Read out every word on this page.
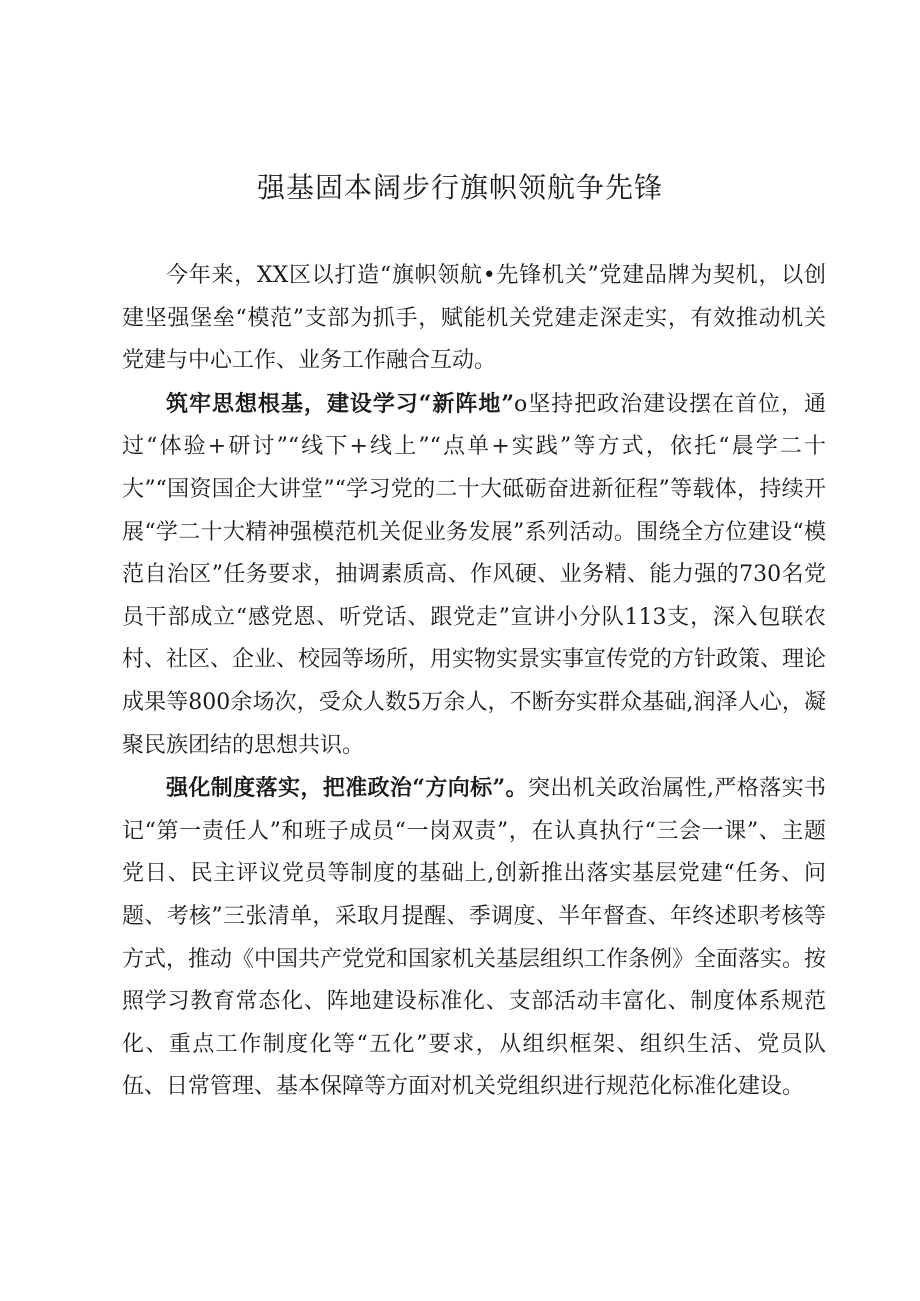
强基固本阔步行旗帜领航争先锋

今年来，XX区以打造“旗帜领航•先锋机关”党建品牌为契机，以创建坚强堡垒“模范”支部为抓手，赋能机关党建走深走实，有效推动机关党建与中心工作、业务工作融合互动。

筑牢思想根基，建设学习“新阵地”o坚持把政治建设摆在首位，通过“体验+研讨”“线下+线上”“点单+实践”等方式，依托“晨学二十大”“国资国企大讲堂”“学习党的二十大砥砺奋进新征程”等载体，持续开展“学二十大精神强模范机关促业务发展”系列活动。围绕全方位建设“模范自治区”任务要求，抽调素质高、作风硬、业务精、能力强的730名党员干部成立“感党恩、听党话、跟党走”宣讲小分队113支，深入包联农村、社区、企业、校园等场所，用实物实景实事宣传党的方针政策、理论成果等800余场次，受众人数5万余人，不断夯实群众基础,润泽人心，凝聚民族团结的思想共识。

强化制度落实，把准政治“方向标”。突出机关政治属性,严格落实书记“第一责任人”和班子成员“一岗双责”，在认真执行“三会一课”、主题党日、民主评议党员等制度的基础上,创新推出落实基层党建“任务、问题、考核”三张清单，采取月提醒、季调度、半年督查、年终述职考核等方式，推动《中国共产党党和国家机关基层组织工作条例》全面落实。按照学习教育常态化、阵地建设标准化、支部活动丰富化、制度体系规范化、重点工作制度化等“五化”要求，从组织框架、组织生活、党员队伍、日常管理、基本保障等方面对机关党组织进行规范化标准化建设。
